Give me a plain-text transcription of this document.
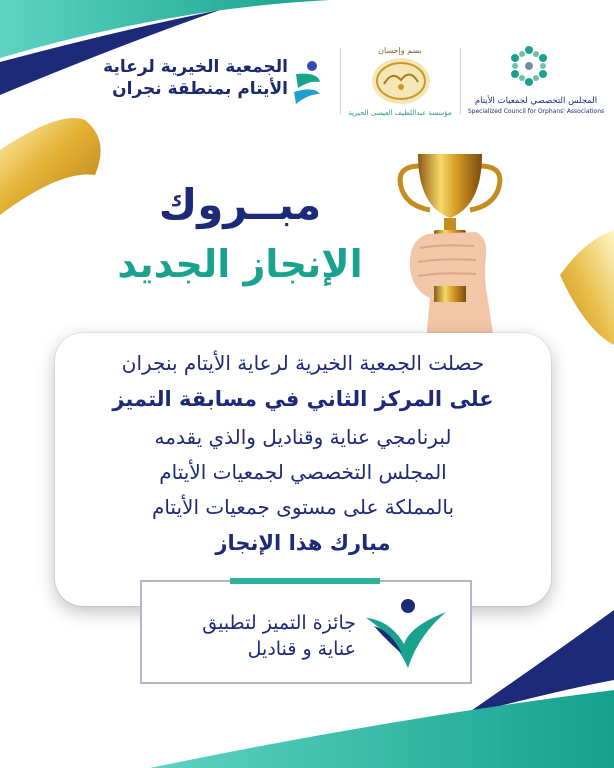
الجمعية الخيرية لرعاية
الأيتام بمنطقة نجران
بسم وإحسان
مؤسسة عبداللطيف العيسى الخيرية
المجلس التخصصي لجمعيات الأيتام
Specialized Council for Orphans' Associations
مبــروك
الإنجاز الجديد
حصلت الجمعية الخيرية لرعاية الأيتام بنجران
على المركز الثاني في مسابقة التميز
لبرنامجي عناية وقناديل والذي يقدمه
المجلس التخصصي لجمعيات الأيتام
بالمملكة على مستوى جمعيات الأيتام
مبارك هذا الإنجاز
جائزة التميز لتطبيق
عناية و قناديل
